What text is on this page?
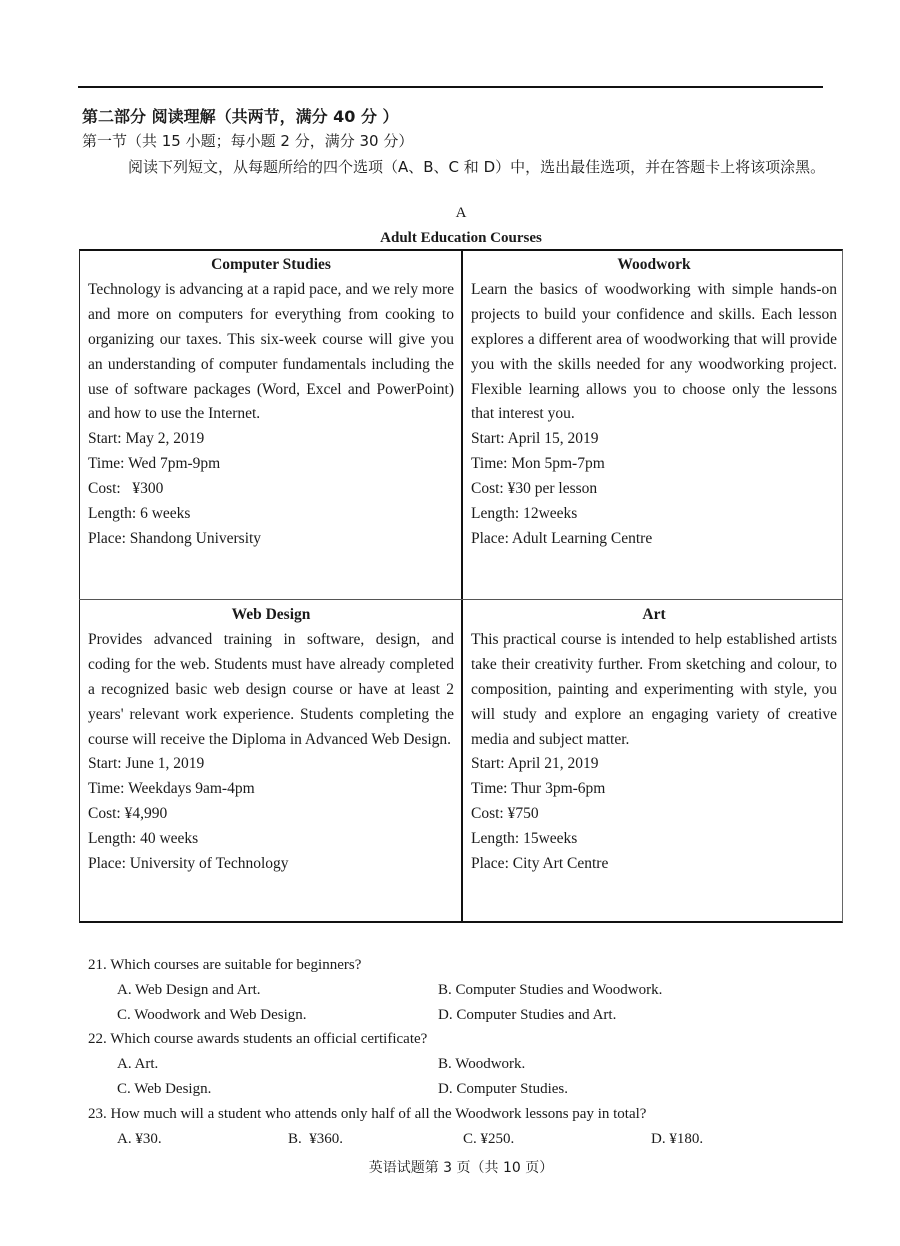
第二部分 阅读理解（共两节，满分 40 分 ）
第一节（共 15 小题；每小题 2 分，满分 30 分）
阅读下列短文，从每题所给的四个选项（A、B、C 和 D）中，选出最佳选项，并在答题卡上将该项涂黑。
A
Adult Education Courses
Computer Studies
Technology is advancing at a rapid pace, and we rely more and more on computers for everything from cooking to organizing our taxes. This six-week course will give you an understanding of computer fundamentals including the use of software packages (Word, Excel and PowerPoint) and how to use the Internet.
Start: May 2, 2019
Time: Wed 7pm-9pm
Cost:   ¥300
Length: 6 weeks
Place: Shandong University
Woodwork
Learn the basics of woodworking with simple hands-on projects to build your confidence and skills. Each lesson explores a different area of woodworking that will provide you with the skills needed for any woodworking project. Flexible learning allows you to choose only the lessons that interest you.
Start: April 15, 2019
Time: Mon 5pm-7pm
Cost: ¥30 per lesson
Length: 12weeks
Place: Adult Learning Centre
Web Design
Provides advanced training in software, design, and coding for the web. Students must have already completed a recognized basic web design course or have at least 2 years' relevant work experience. Students completing the course will receive the Diploma in Advanced Web Design.
Start: June 1, 2019
Time: Weekdays 9am-4pm
Cost: ¥4,990
Length: 40 weeks
Place: University of Technology
Art
This practical course is intended to help established artists take their creativity further. From sketching and colour, to composition, painting and experimenting with style, you will study and explore an engaging variety of creative media and subject matter.
Start: April 21, 2019
Time: Thur 3pm-6pm
Cost: ¥750
Length: 15weeks
Place: City Art Centre
21. Which courses are suitable for beginners?
A. Web Design and Art.	B. Computer Studies and Woodwork.
C. Woodwork and Web Design.	D. Computer Studies and Art.
22. Which course awards students an official certificate?
A. Art.	B. Woodwork.
C. Web Design.	D. Computer Studies.
23. How much will a student who attends only half of all the Woodwork lessons pay in total?
A. ¥30.	B.  ¥360.	C. ¥250.	D. ¥180.
英语试题第 3 页（共 10 页）
